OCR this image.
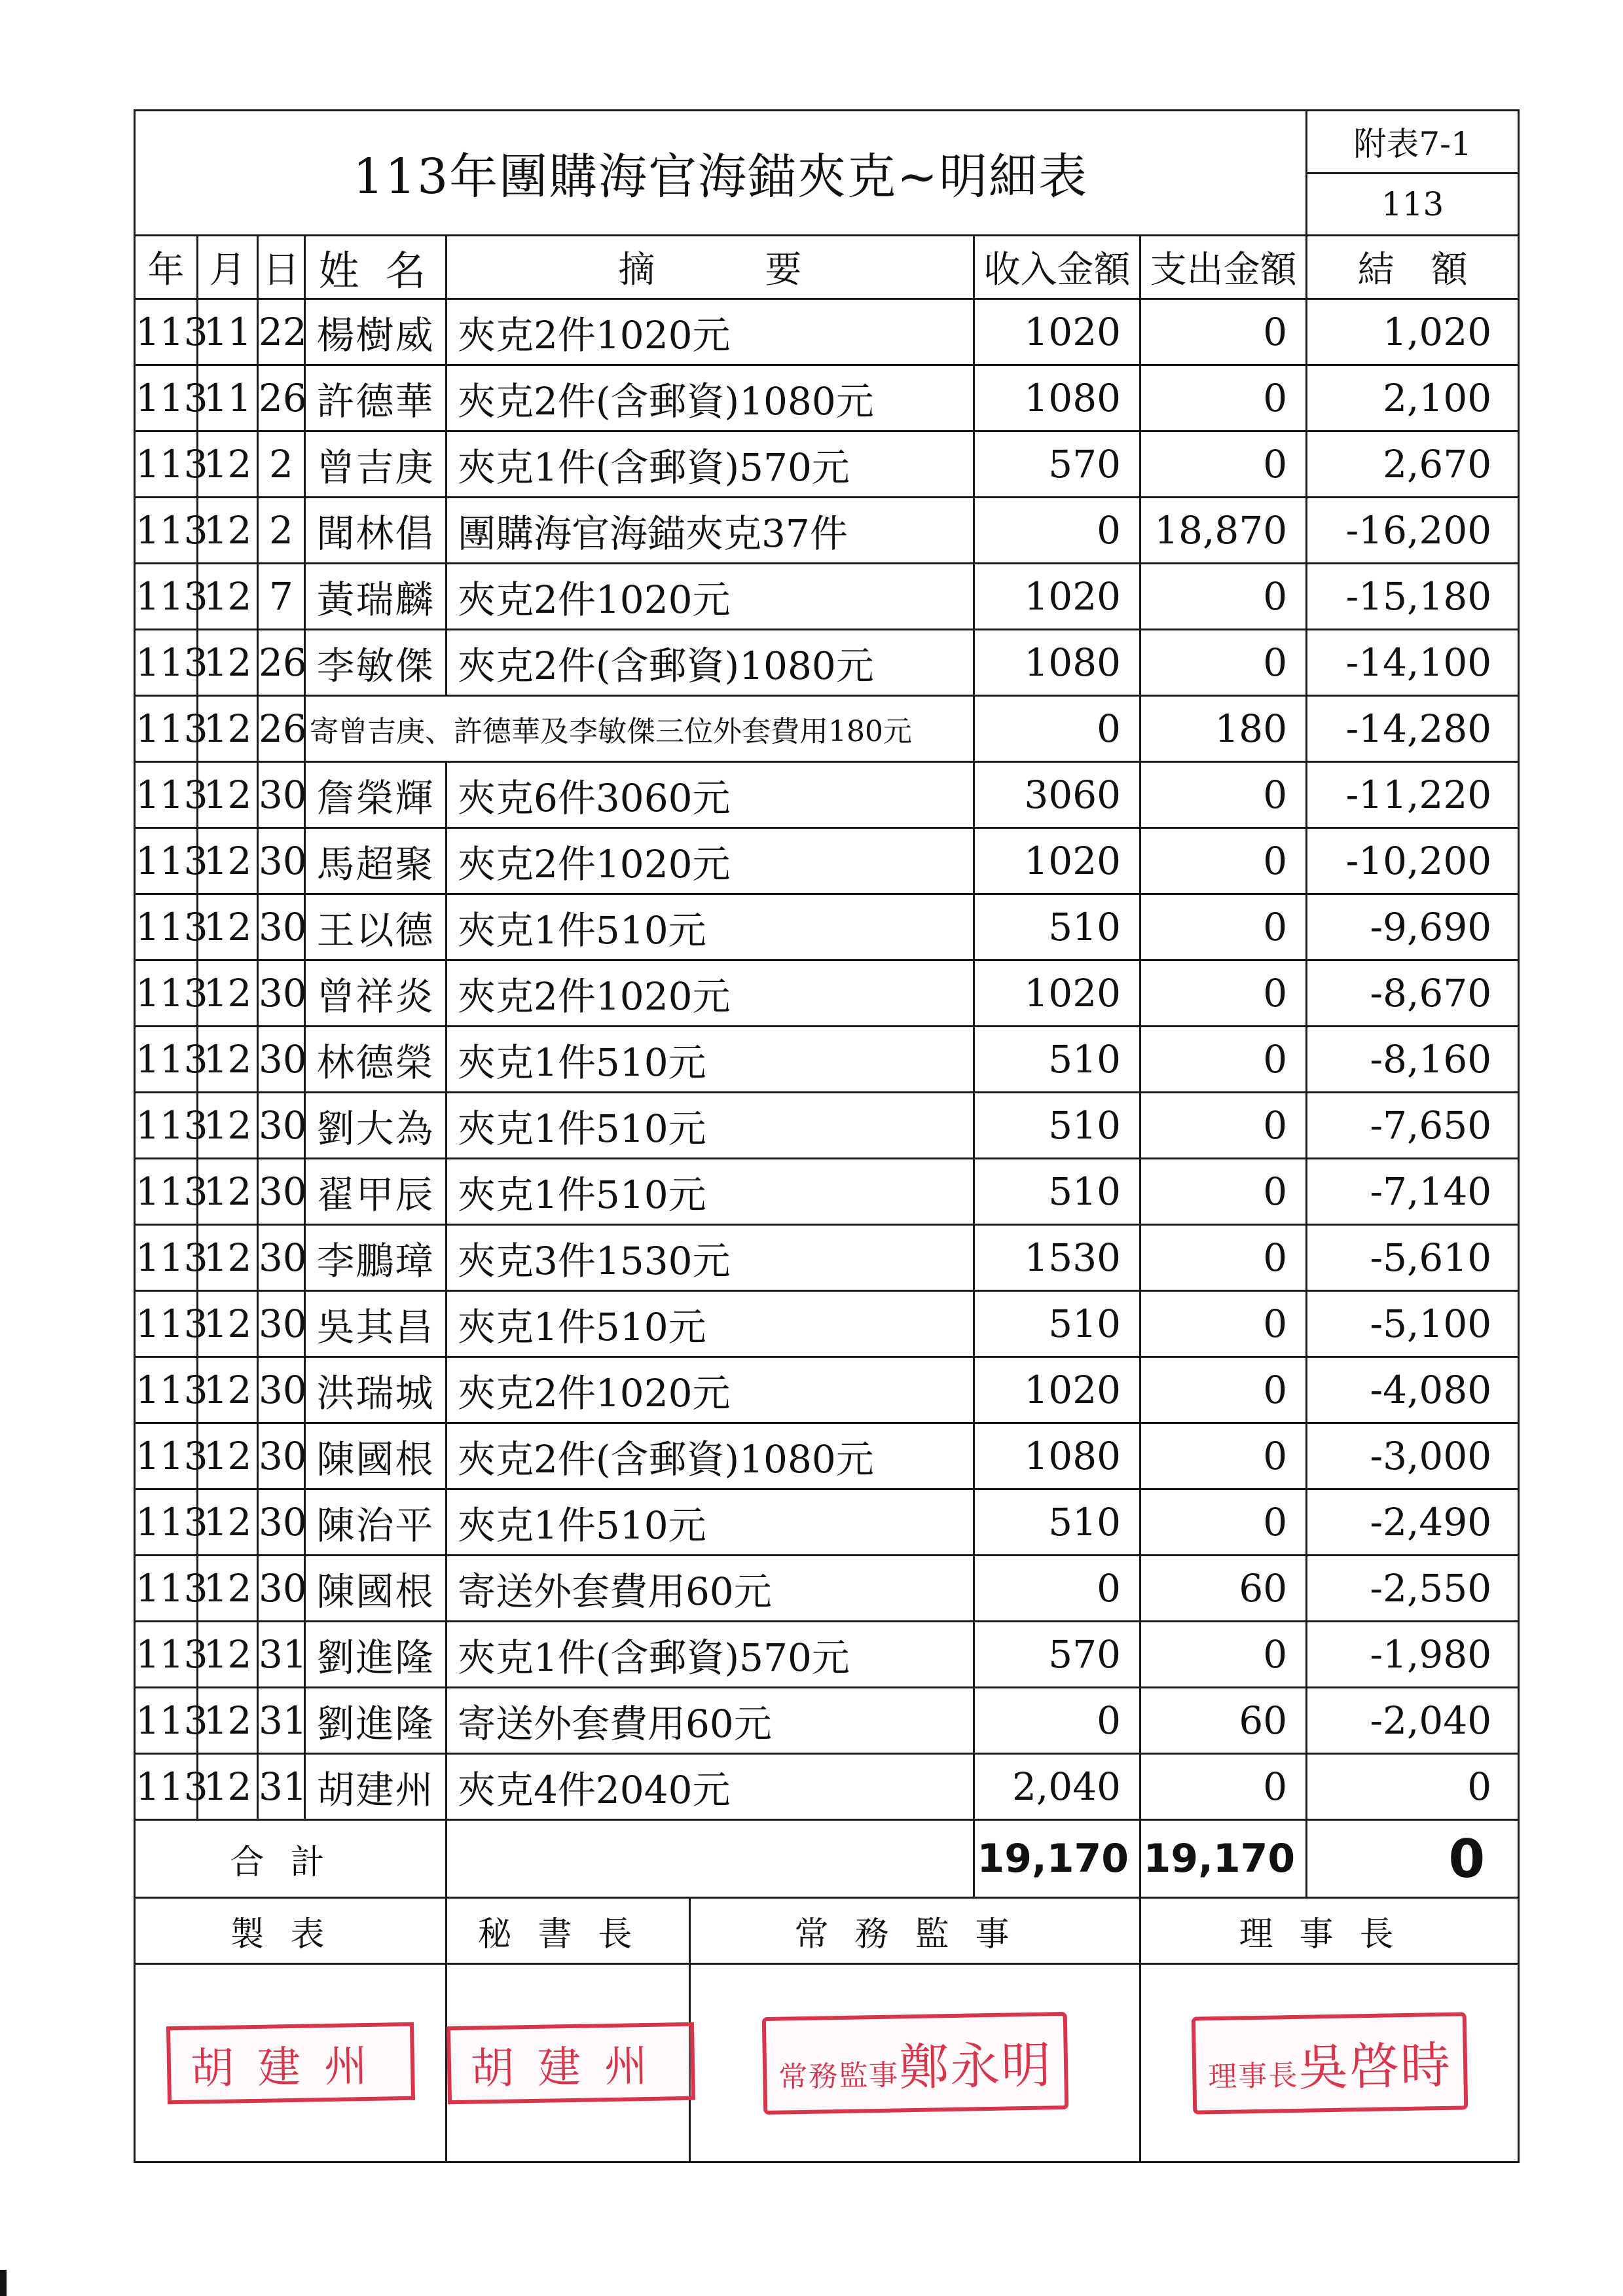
113年團購海官海錨夾克~明細表								附表7-1
								113
年	月	日	姓 名	摘　　　要		收入金額	支出金額	結　額
113	11	22	楊樹威	夾克2件1020元		1020	0	1,020
113	11	26	許德華	夾克2件(含郵資)1080元		1080	0	2,100
113	12	2	曾吉庚	夾克1件(含郵資)570元		570	0	2,670
113	12	2	聞林倡	團購海官海錨夾克37件		0	18,870	-16,200
113	12	7	黃瑞麟	夾克2件1020元		1020	0	-15,180
113	12	26	李敏傑	夾克2件(含郵資)1080元		1080	0	-14,100
113	12	26	寄曾吉庚、許德華及李敏傑三位外套費用180元			0	180	-14,280
113	12	30	詹榮輝	夾克6件3060元		3060	0	-11,220
113	12	30	馬超聚	夾克2件1020元		1020	0	-10,200
113	12	30	王以德	夾克1件510元		510	0	-9,690
113	12	30	曾祥炎	夾克2件1020元		1020	0	-8,670
113	12	30	林德榮	夾克1件510元		510	0	-8,160
113	12	30	劉大為	夾克1件510元		510	0	-7,650
113	12	30	翟甲辰	夾克1件510元		510	0	-7,140
113	12	30	李鵬璋	夾克3件1530元		1530	0	-5,610
113	12	30	吳其昌	夾克1件510元		510	0	-5,100
113	12	30	洪瑞城	夾克2件1020元		1020	0	-4,080
113	12	30	陳國根	夾克2件(含郵資)1080元		1080	0	-3,000
113	12	30	陳治平	夾克1件510元		510	0	-2,490
113	12	30	陳國根	寄送外套費用60元		0	60	-2,550
113	12	31	劉進隆	夾克1件(含郵資)570元		570	0	-1,980
113	12	31	劉進隆	寄送外套費用60元		0	60	-2,040
113	12	31	胡建州	夾克4件2040元		2,040	0	0
合計						19,170	19,170	0
製表				秘書長	常務監事		理事長	
胡建州				胡建州	常務監事鄭永明		理事長吳啓時	
